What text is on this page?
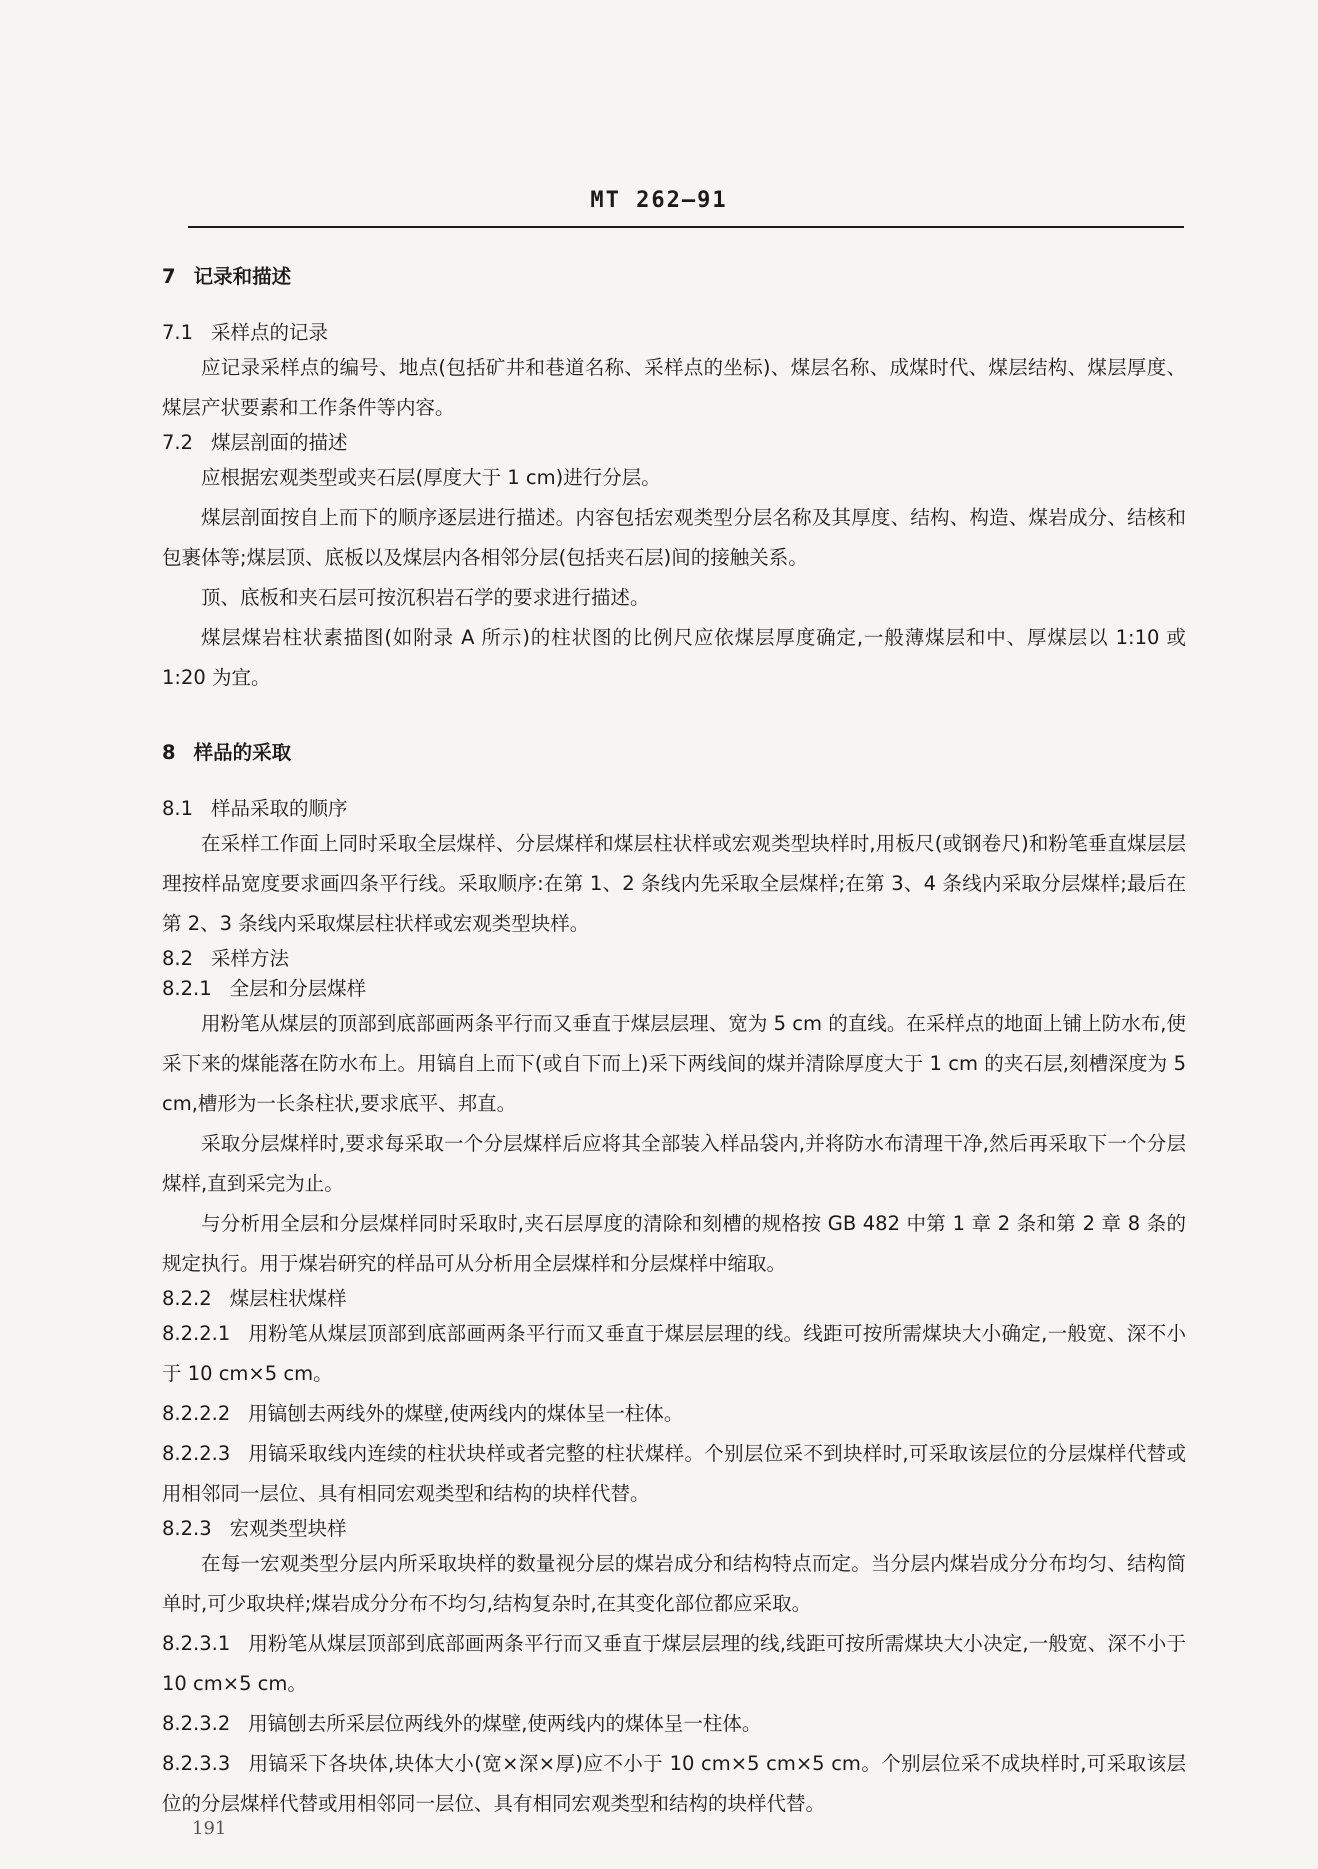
MT 262—91
7 记录和描述
7.1 采样点的记录

应记录采样点的编号、地点(包括矿井和巷道名称、采样点的坐标)、煤层名称、成煤时代、煤层结构、煤层厚度、煤层产状要素和工作条件等内容。

7.2 煤层剖面的描述

应根据宏观类型或夹石层(厚度大于 1 cm)进行分层。

煤层剖面按自上而下的顺序逐层进行描述。内容包括宏观类型分层名称及其厚度、结构、构造、煤岩成分、结核和包裹体等;煤层顶、底板以及煤层内各相邻分层(包括夹石层)间的接触关系。

顶、底板和夹石层可按沉积岩石学的要求进行描述。

煤层煤岩柱状素描图(如附录 A 所示)的柱状图的比例尺应依煤层厚度确定,一般薄煤层和中、厚煤层以 1:10 或 1:20 为宜。

8 样品的采取
8.1 样品采取的顺序

在采样工作面上同时采取全层煤样、分层煤样和煤层柱状样或宏观类型块样时,用板尺(或钢卷尺)和粉笔垂直煤层层理按样品宽度要求画四条平行线。采取顺序:在第 1、2 条线内先采取全层煤样;在第 3、4 条线内采取分层煤样;最后在第 2、3 条线内采取煤层柱状样或宏观类型块样。

8.2 采样方法
8.2.1 全层和分层煤样

用粉笔从煤层的顶部到底部画两条平行而又垂直于煤层层理、宽为 5 cm 的直线。在采样点的地面上铺上防水布,使采下来的煤能落在防水布上。用镐自上而下(或自下而上)采下两线间的煤并清除厚度大于 1 cm 的夹石层,刻槽深度为 5 cm,槽形为一长条柱状,要求底平、邦直。

采取分层煤样时,要求每采取一个分层煤样后应将其全部装入样品袋内,并将防水布清理干净,然后再采取下一个分层煤样,直到采完为止。

与分析用全层和分层煤样同时采取时,夹石层厚度的清除和刻槽的规格按 GB 482 中第 1 章 2 条和第 2 章 8 条的规定执行。用于煤岩研究的样品可从分析用全层煤样和分层煤样中缩取。

8.2.2 煤层柱状煤样

8.2.2.1 用粉笔从煤层顶部到底部画两条平行而又垂直于煤层层理的线。线距可按所需煤块大小确定,一般宽、深不小于 10 cm×5 cm。

8.2.2.2 用镐刨去两线外的煤壁,使两线内的煤体呈一柱体。

8.2.2.3 用镐采取线内连续的柱状块样或者完整的柱状煤样。个别层位采不到块样时,可采取该层位的分层煤样代替或用相邻同一层位、具有相同宏观类型和结构的块样代替。

8.2.3 宏观类型块样

在每一宏观类型分层内所采取块样的数量视分层的煤岩成分和结构特点而定。当分层内煤岩成分分布均匀、结构简单时,可少取块样;煤岩成分分布不均匀,结构复杂时,在其变化部位都应采取。

8.2.3.1 用粉笔从煤层顶部到底部画两条平行而又垂直于煤层层理的线,线距可按所需煤块大小决定,一般宽、深不小于 10 cm×5 cm。

8.2.3.2 用镐刨去所采层位两线外的煤壁,使两线内的煤体呈一柱体。

8.2.3.3 用镐采下各块体,块体大小(宽×深×厚)应不小于 10 cm×5 cm×5 cm。个别层位采不成块样时,可采取该层位的分层煤样代替或用相邻同一层位、具有相同宏观类型和结构的块样代替。

191
